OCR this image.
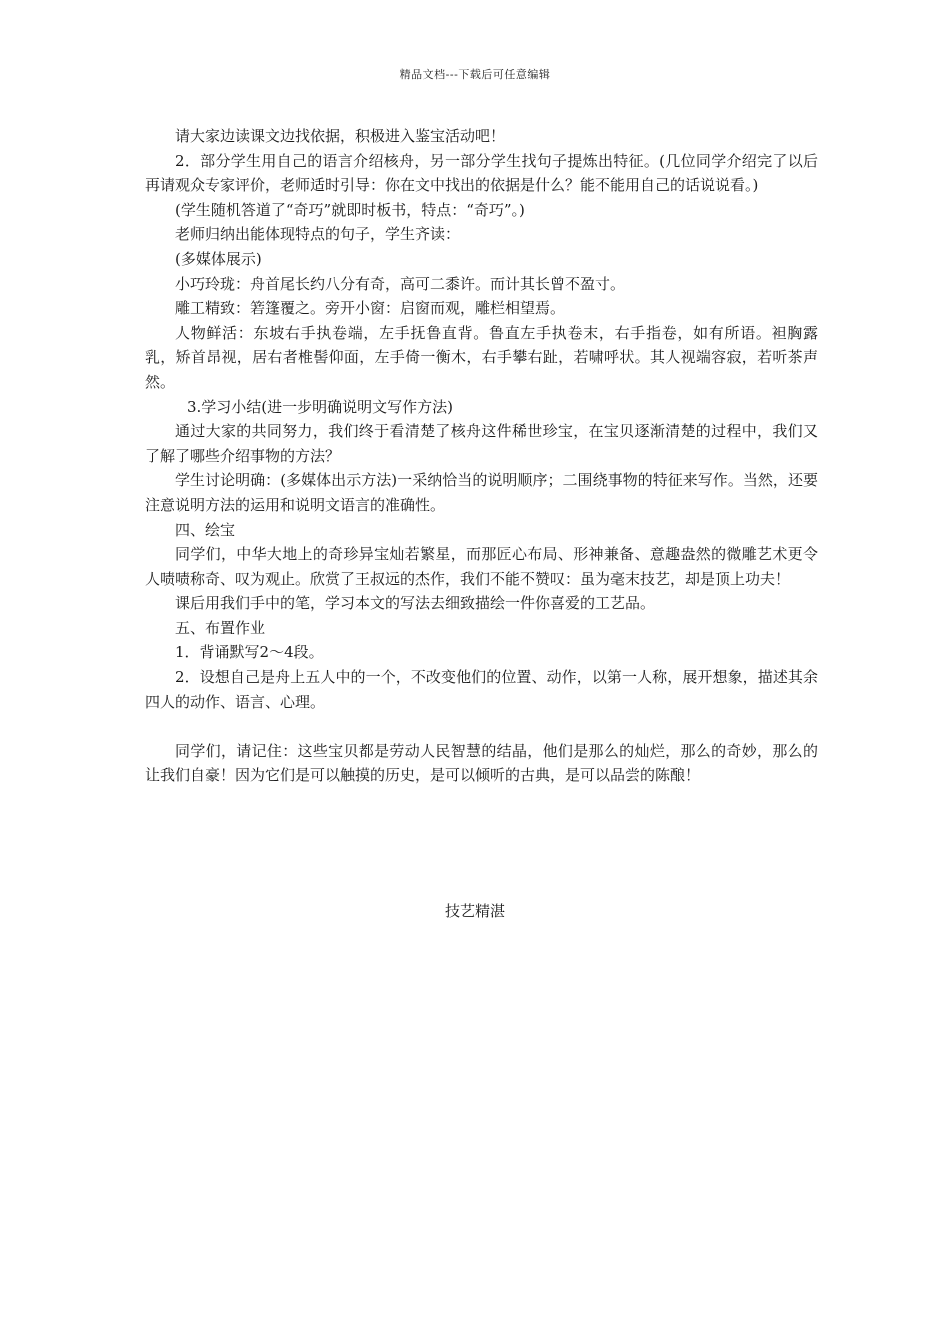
精品文档---下载后可任意编辑

请大家边读课文边找依据，积极进入鉴宝活动吧！

2．部分学生用自己的语言介绍核舟，另一部分学生找句子提炼出特征。(几位同学介绍完了以后再请观众专家评价，老师适时引导：你在文中找出的依据是什么？能不能用自己的话说说看。)

(学生随机答道了“奇巧”就即时板书，特点：“奇巧”。)

老师归纳出能体现特点的句子，学生齐读：

(多媒体展示)

小巧玲珑：舟首尾长约八分有奇，高可二黍许。而计其长曾不盈寸。

雕工精致：箬篷覆之。旁开小窗：启窗而观，雕栏相望焉。

人物鲜活：东坡右手执卷端，左手抚鲁直背。鲁直左手执卷末，右手指卷，如有所语。袒胸露乳，矫首昂视，居右者椎髻仰面，左手倚一衡木，右手攀右趾，若啸呼状。其人视端容寂，若听茶声然。

3.学习小结(进一步明确说明文写作方法)

通过大家的共同努力，我们终于看清楚了核舟这件稀世珍宝，在宝贝逐渐清楚的过程中，我们又了解了哪些介绍事物的方法？

学生讨论明确：(多媒体出示方法)一采纳恰当的说明顺序；二围绕事物的特征来写作。当然，还要注意说明方法的运用和说明文语言的准确性。

四、绘宝

同学们，中华大地上的奇珍异宝灿若繁星，而那匠心布局、形神兼备、意趣盎然的微雕艺术更令人啧啧称奇、叹为观止。欣赏了王叔远的杰作，我们不能不赞叹：虽为毫末技艺，却是顶上功夫！

课后用我们手中的笔，学习本文的写法去细致描绘一件你喜爱的工艺品。

五、布置作业

1．背诵默写2～4段。

2．设想自己是舟上五人中的一个，不改变他们的位置、动作，以第一人称，展开想象，描述其余四人的动作、语言、心理。

同学们，请记住：这些宝贝都是劳动人民智慧的结晶，他们是那么的灿烂，那么的奇妙，那么的让我们自豪！因为它们是可以触摸的历史，是可以倾听的古典，是可以品尝的陈酿！

技艺精湛
